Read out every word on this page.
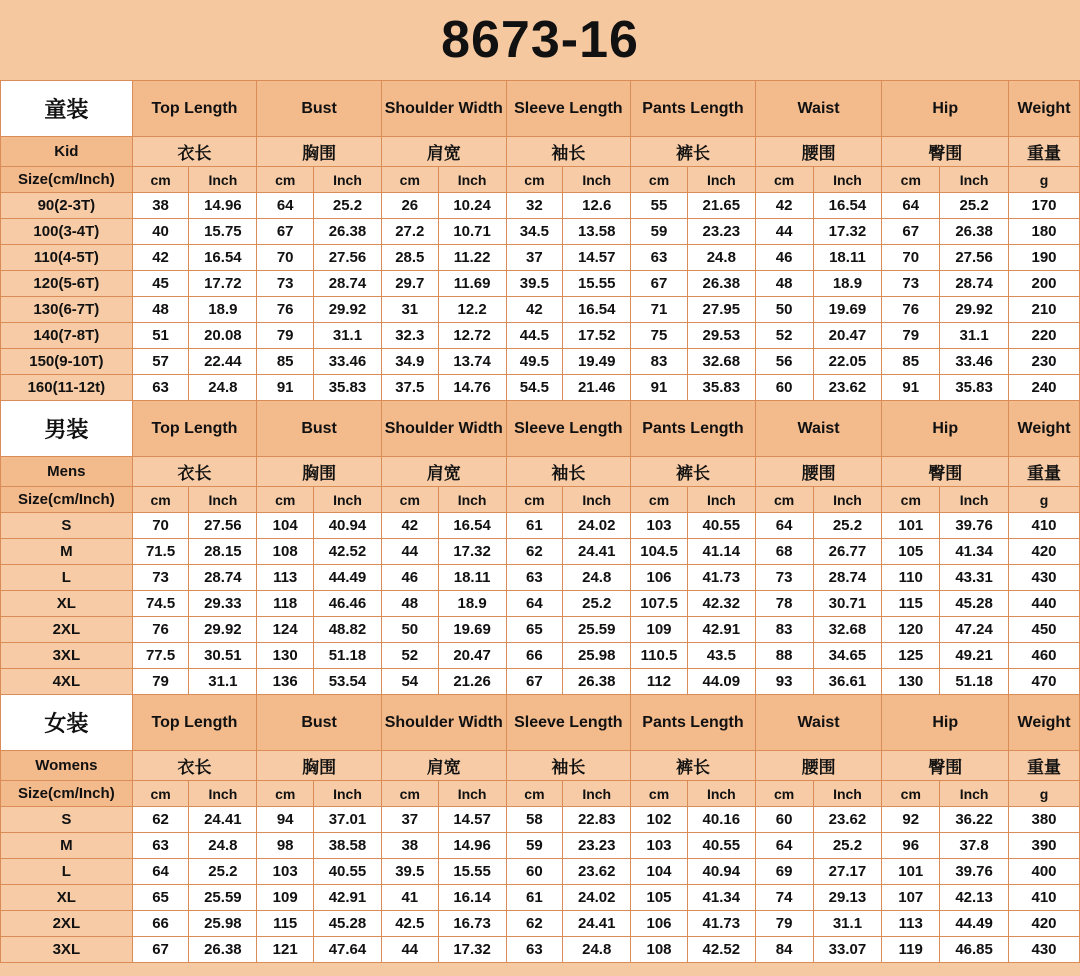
8673-16
童装	Top Length		Bust		Shoulder Width		Sleeve Length		Pants Length		Waist		Hip		Weight
Kid	衣长		胸围		肩宽		袖长		裤长		腰围		臀围		重量
Size(cm/Inch)	cm	Inch	cm	Inch	cm	Inch	cm	Inch	cm	Inch	cm	Inch	cm	Inch	g
90(2-3T)	38	14.96	64	25.2	26	10.24	32	12.6	55	21.65	42	16.54	64	25.2	170
100(3-4T)	40	15.75	67	26.38	27.2	10.71	34.5	13.58	59	23.23	44	17.32	67	26.38	180
110(4-5T)	42	16.54	70	27.56	28.5	11.22	37	14.57	63	24.8	46	18.11	70	27.56	190
120(5-6T)	45	17.72	73	28.74	29.7	11.69	39.5	15.55	67	26.38	48	18.9	73	28.74	200
130(6-7T)	48	18.9	76	29.92	31	12.2	42	16.54	71	27.95	50	19.69	76	29.92	210
140(7-8T)	51	20.08	79	31.1	32.3	12.72	44.5	17.52	75	29.53	52	20.47	79	31.1	220
150(9-10T)	57	22.44	85	33.46	34.9	13.74	49.5	19.49	83	32.68	56	22.05	85	33.46	230
160(11-12t)	63	24.8	91	35.83	37.5	14.76	54.5	21.46	91	35.83	60	23.62	91	35.83	240
男装	Top Length		Bust		Shoulder Width		Sleeve Length		Pants Length		Waist		Hip		Weight
Mens	衣长		胸围		肩宽		袖长		裤长		腰围		臀围		重量
Size(cm/Inch)	cm	Inch	cm	Inch	cm	Inch	cm	Inch	cm	Inch	cm	Inch	cm	Inch	g
S	70	27.56	104	40.94	42	16.54	61	24.02	103	40.55	64	25.2	101	39.76	410
M	71.5	28.15	108	42.52	44	17.32	62	24.41	104.5	41.14	68	26.77	105	41.34	420
L	73	28.74	113	44.49	46	18.11	63	24.8	106	41.73	73	28.74	110	43.31	430
XL	74.5	29.33	118	46.46	48	18.9	64	25.2	107.5	42.32	78	30.71	115	45.28	440
2XL	76	29.92	124	48.82	50	19.69	65	25.59	109	42.91	83	32.68	120	47.24	450
3XL	77.5	30.51	130	51.18	52	20.47	66	25.98	110.5	43.5	88	34.65	125	49.21	460
4XL	79	31.1	136	53.54	54	21.26	67	26.38	112	44.09	93	36.61	130	51.18	470
女装	Top Length		Bust		Shoulder Width		Sleeve Length		Pants Length		Waist		Hip		Weight
Womens	衣长		胸围		肩宽		袖长		裤长		腰围		臀围		重量
Size(cm/Inch)	cm	Inch	cm	Inch	cm	Inch	cm	Inch	cm	Inch	cm	Inch	cm	Inch	g
S	62	24.41	94	37.01	37	14.57	58	22.83	102	40.16	60	23.62	92	36.22	380
M	63	24.8	98	38.58	38	14.96	59	23.23	103	40.55	64	25.2	96	37.8	390
L	64	25.2	103	40.55	39.5	15.55	60	23.62	104	40.94	69	27.17	101	39.76	400
XL	65	25.59	109	42.91	41	16.14	61	24.02	105	41.34	74	29.13	107	42.13	410
2XL	66	25.98	115	45.28	42.5	16.73	62	24.41	106	41.73	79	31.1	113	44.49	420
3XL	67	26.38	121	47.64	44	17.32	63	24.8	108	42.52	84	33.07	119	46.85	430
